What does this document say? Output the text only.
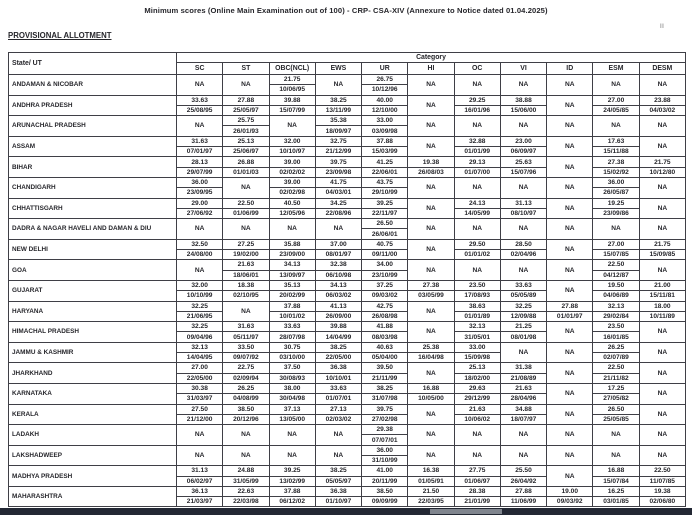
Minimum scores (Online Main Examination out of 100) - CRP- CSA-XIV (Annexure to Notice dated 01.04.2025)
II
PROVISIONAL ALLOTMENT
State/ UT	Category										
	SC	ST	OBC(NCL)	EWS	UR	HI	OC	VI	ID	ESM	DESM
ANDAMAN & NICOBAR	NA	NA	21.75	NA	26.75	NA	NA	NA	NA	NA	NA
			10/06/95		10/12/96						
ANDHRA PRADESH	33.63	27.88	39.88	38.25	40.00	NA	29.25	38.88	NA	27.00	23.88
	25/08/95	25/05/97	15/07/99	13/11/99	12/10/00		16/01/96	15/06/00		24/05/85	04/03/02
ARUNACHAL PRADESH	NA	25.75	NA	35.38	33.00	NA	NA	NA	NA	NA	NA
		26/01/93		18/09/97	03/09/98						
ASSAM	31.63	25.13	32.00	32.75	37.88	NA	32.88	23.00	NA	17.63	NA
	07/01/97	25/06/97	10/10/97	21/12/99	15/03/99		01/01/99	06/09/97		15/11/88	
BIHAR	28.13	26.88	39.00	39.75	41.25	19.38	29.13	25.63	NA	27.38	21.75
	29/07/99	01/01/03	02/02/02	23/09/98	22/06/01	26/08/03	01/07/00	15/07/96		15/02/92	10/12/80
CHANDIGARH	36.00	NA	39.00	41.75	43.75	NA	NA	NA	NA	36.00	NA
	23/09/95		02/02/98	04/03/01	29/10/99					26/05/87	
CHHATTISGARH	29.00	22.50	40.50	34.25	39.25	NA	24.13	31.13	NA	19.25	NA
	27/06/92	01/06/99	12/05/96	22/08/96	22/11/97		14/05/99	08/10/97		23/09/86	
DADRA & NAGAR HAVELI AND DAMAN & DIU	NA	NA	NA	NA	26.50	NA	NA	NA	NA	NA	NA
					26/06/01						
NEW DELHI	32.50	27.25	35.88	37.00	40.75	NA	29.50	28.50	NA	27.00	21.75
	24/08/00	19/02/00	23/09/00	08/01/97	09/11/00		01/01/02	02/04/96		15/07/85	15/09/85
GOA	NA	21.63	34.13	32.38	34.00	NA	NA	NA	NA	22.50	NA
		18/06/01	13/09/97	06/10/98	23/10/99					04/12/87	
GUJARAT	32.00	18.38	35.13	34.13	37.25	27.38	23.50	33.63	NA	19.50	21.00
	10/10/99	02/10/95	20/02/99	06/03/02	09/03/02	03/05/99	17/08/93	05/05/89		04/06/89	15/11/81
HARYANA	32.25	NA	37.88	41.13	42.75	NA	38.63	32.25	27.88	32.13	18.00
	21/06/95		10/01/02	26/09/00	26/08/98		01/01/89	12/09/88	01/01/97	29/02/84	10/11/89
HIMACHAL PRADESH	32.25	31.63	33.63	39.88	41.88	NA	32.13	21.25	NA	23.50	NA
	09/04/96	05/11/97	28/07/98	14/04/99	08/03/98		31/05/01	08/01/98		16/01/85	
JAMMU & KASHMIR	32.13	33.50	30.75	38.25	40.63	25.38	33.00	NA	NA	26.25	NA
	14/04/95	09/07/92	03/10/00	22/05/00	05/04/00	16/04/98	15/09/98			02/07/89	
JHARKHAND	27.00	22.75	37.50	36.38	39.50	NA	25.13	31.38	NA	22.50	NA
	22/05/00	02/09/94	30/08/93	10/10/01	21/11/99		18/02/00	21/08/89		21/11/82	
KARNATAKA	30.38	26.25	38.00	33.63	38.25	16.88	29.63	21.63	NA	17.25	NA
	31/03/97	04/08/99	30/04/98	01/07/01	31/07/98	10/05/00	29/12/99	28/04/96		27/05/82	
KERALA	27.50	38.50	37.13	27.13	39.75	NA	21.63	34.88	NA	26.50	NA
	21/12/00	20/12/96	13/05/00	02/03/02	27/02/98		10/06/02	18/07/97		25/05/85	
LADAKH	NA	NA	NA	NA	29.38	NA	NA	NA	NA	NA	NA
					07/07/01						
LAKSHADWEEP	NA	NA	NA	NA	36.00	NA	NA	NA	NA	NA	NA
					31/10/99						
MADHYA PRADESH	31.13	24.88	39.25	38.25	41.00	16.38	27.75	25.50	NA	16.88	22.50
	06/02/97	31/05/99	13/02/99	05/05/97	20/11/99	01/05/91	01/06/97	26/04/92		15/07/84	11/07/85
MAHARASHTRA	36.13	22.63	37.88	36.38	38.50	21.50	28.38	27.88	19.00	16.25	19.38
	21/03/97	22/03/98	06/12/02	01/10/97	09/09/99	22/03/95	21/01/99	11/06/99	09/03/92	03/01/85	02/06/80
